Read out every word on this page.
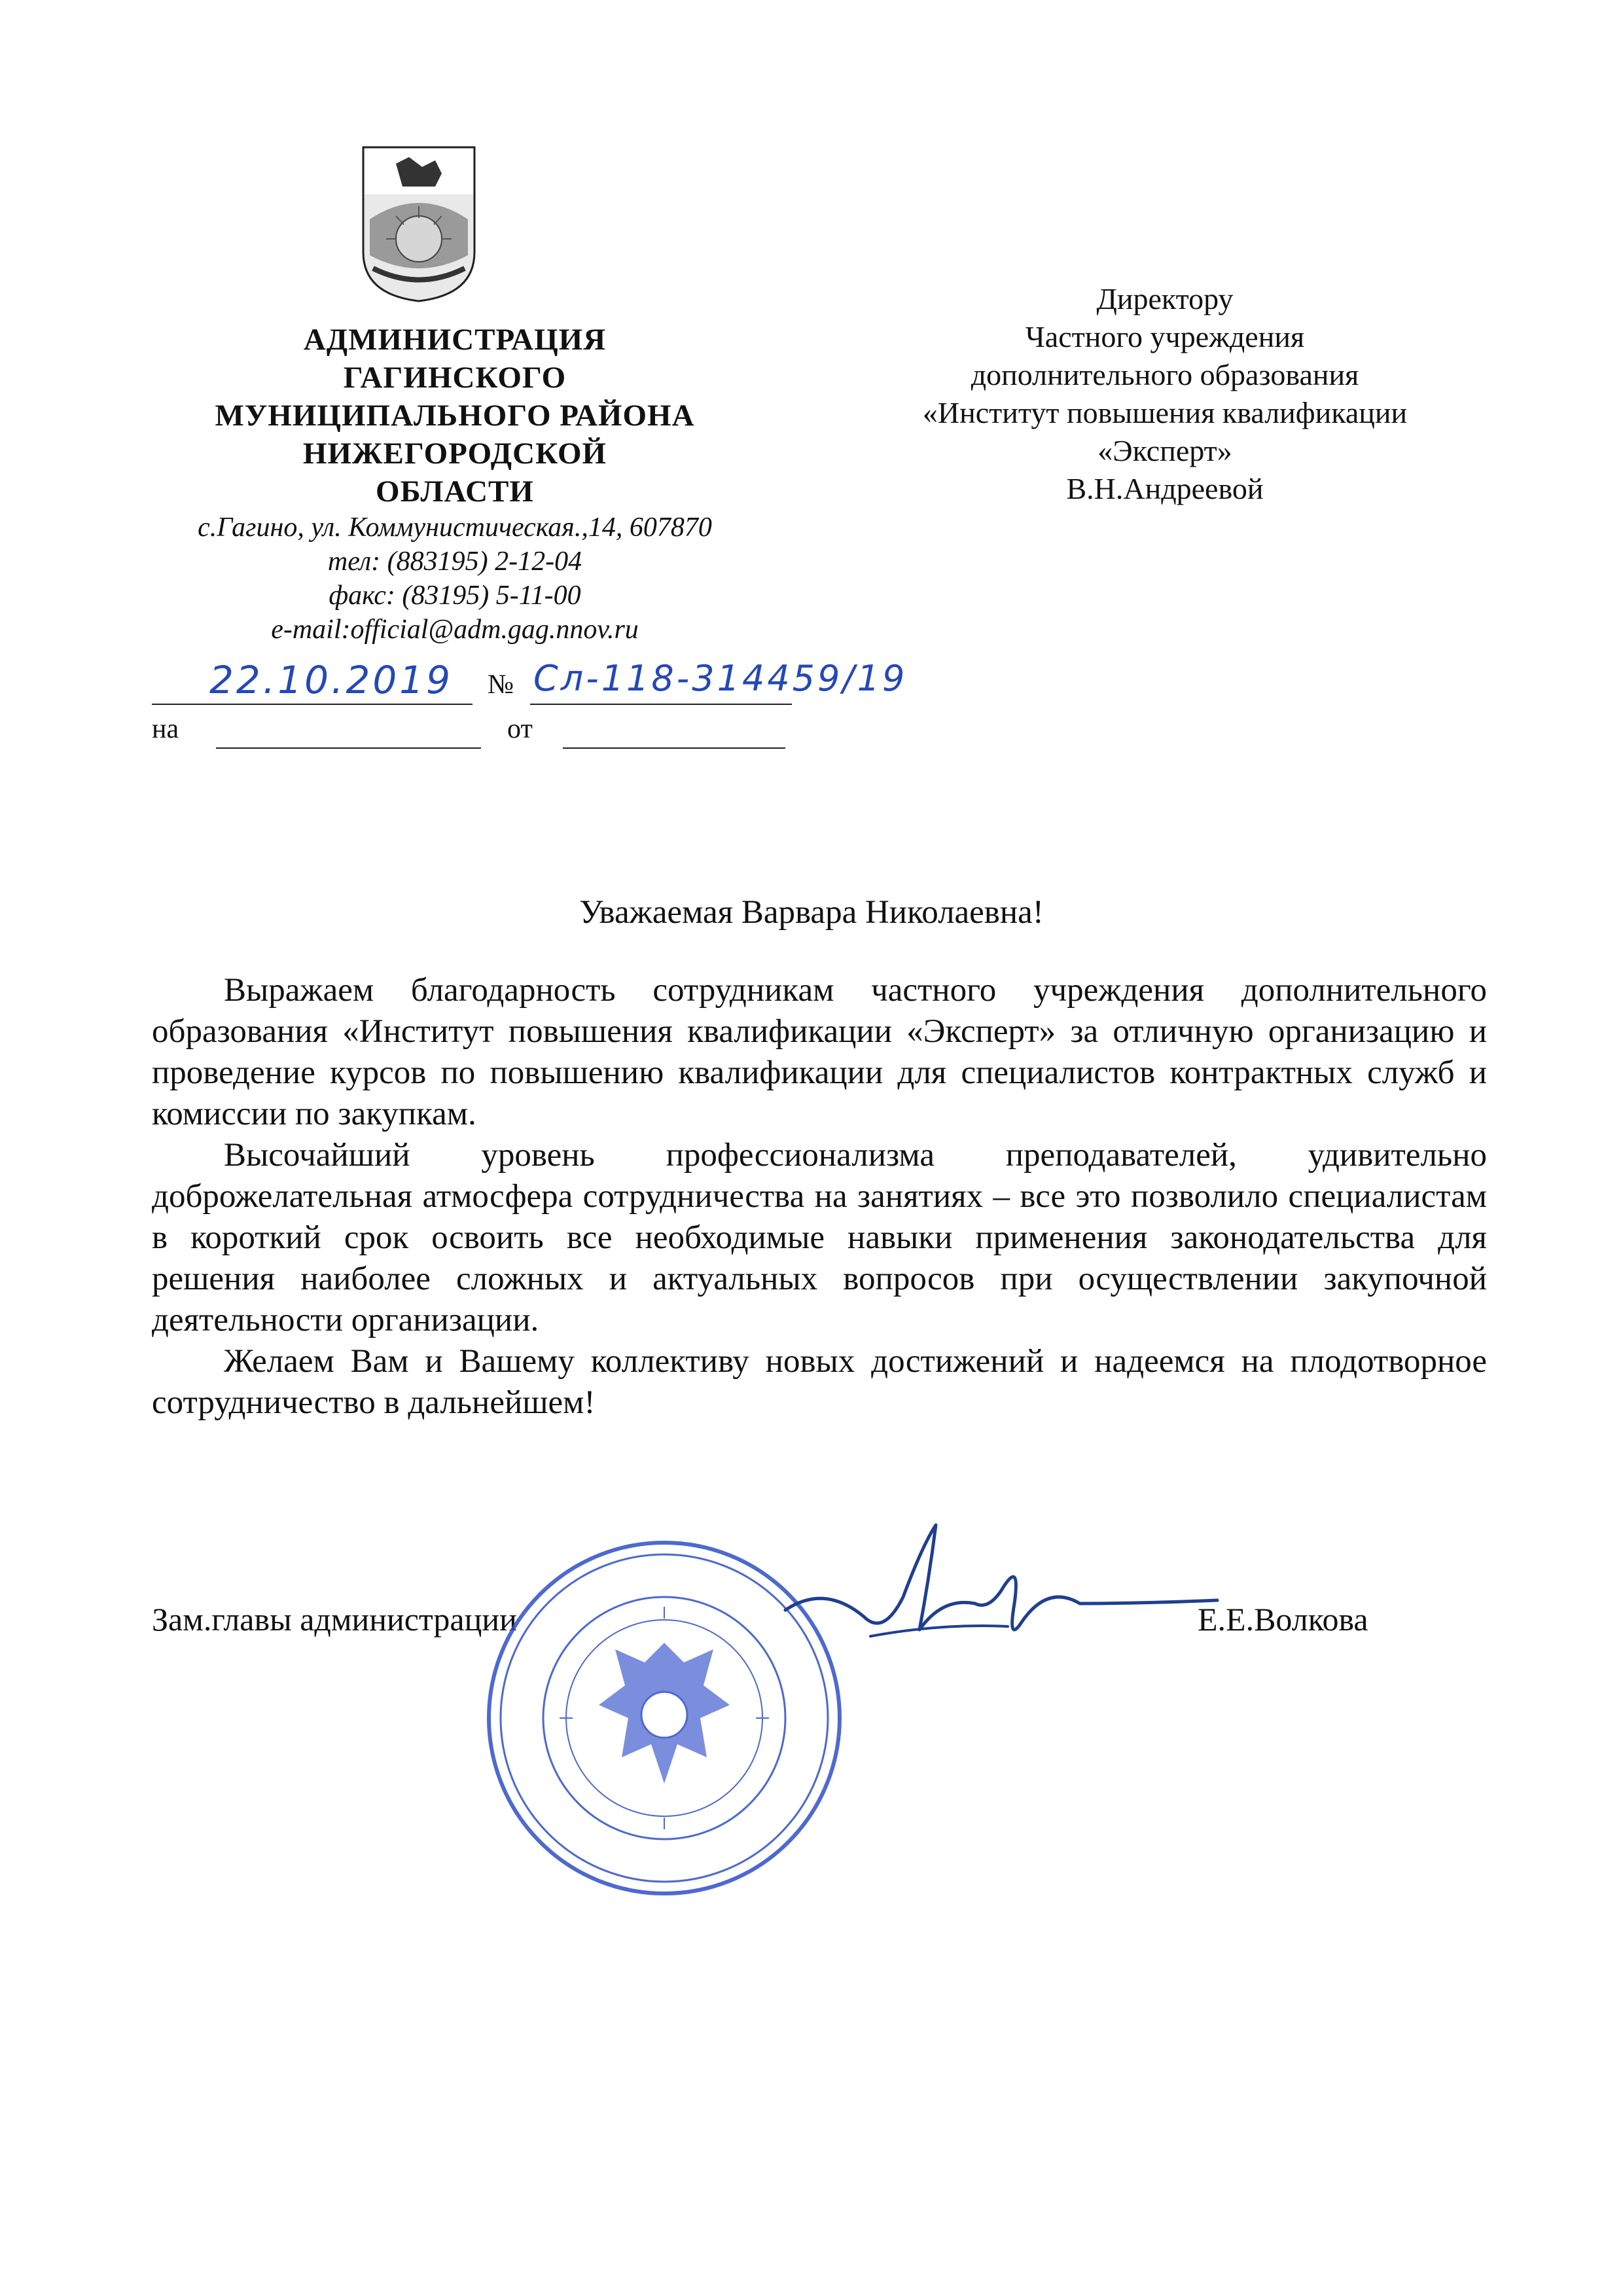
АДМИНИСТРАЦИЯ
ГАГИНСКОГО
МУНИЦИПАЛЬНОГО РАЙОНА
НИЖЕГОРОДСКОЙ
ОБЛАСТИ
с.Гагино, ул. Коммунистическая.,14, 607870
тел: (883195) 2-12-04
факс: (83195) 5-11-00
e-mail:official@adm.gag.nnov.ru
Директору
Частного учреждения
дополнительного образования
«Институт повышения квалификации
«Эксперт»
В.Н.Андреевой
22.10.2019 № Сл-118-314459/19
на	от
Уважаемая Варвара Николаевна!

Выражаем благодарность сотрудникам частного учреждения дополнительного образования «Институт повышения квалификации «Эксперт» за отличную организацию и проведение курсов по повышению квалификации для специалистов контрактных служб и комиссии по закупкам.

Высочайший уровень профессионализма преподавателей, удивительно доброжелательная атмосфера сотрудничества на занятиях – все это позволило специалистам в короткий срок освоить все необходимые навыки применения законодательства для решения наиболее сложных и актуальных вопросов при осуществлении закупочной деятельности организации.

Желаем Вам и Вашему коллективу новых достижений и надеемся на плодотворное сотрудничество в дальнейшем!

Зам.главы администрации	Е.Е.Волкова
